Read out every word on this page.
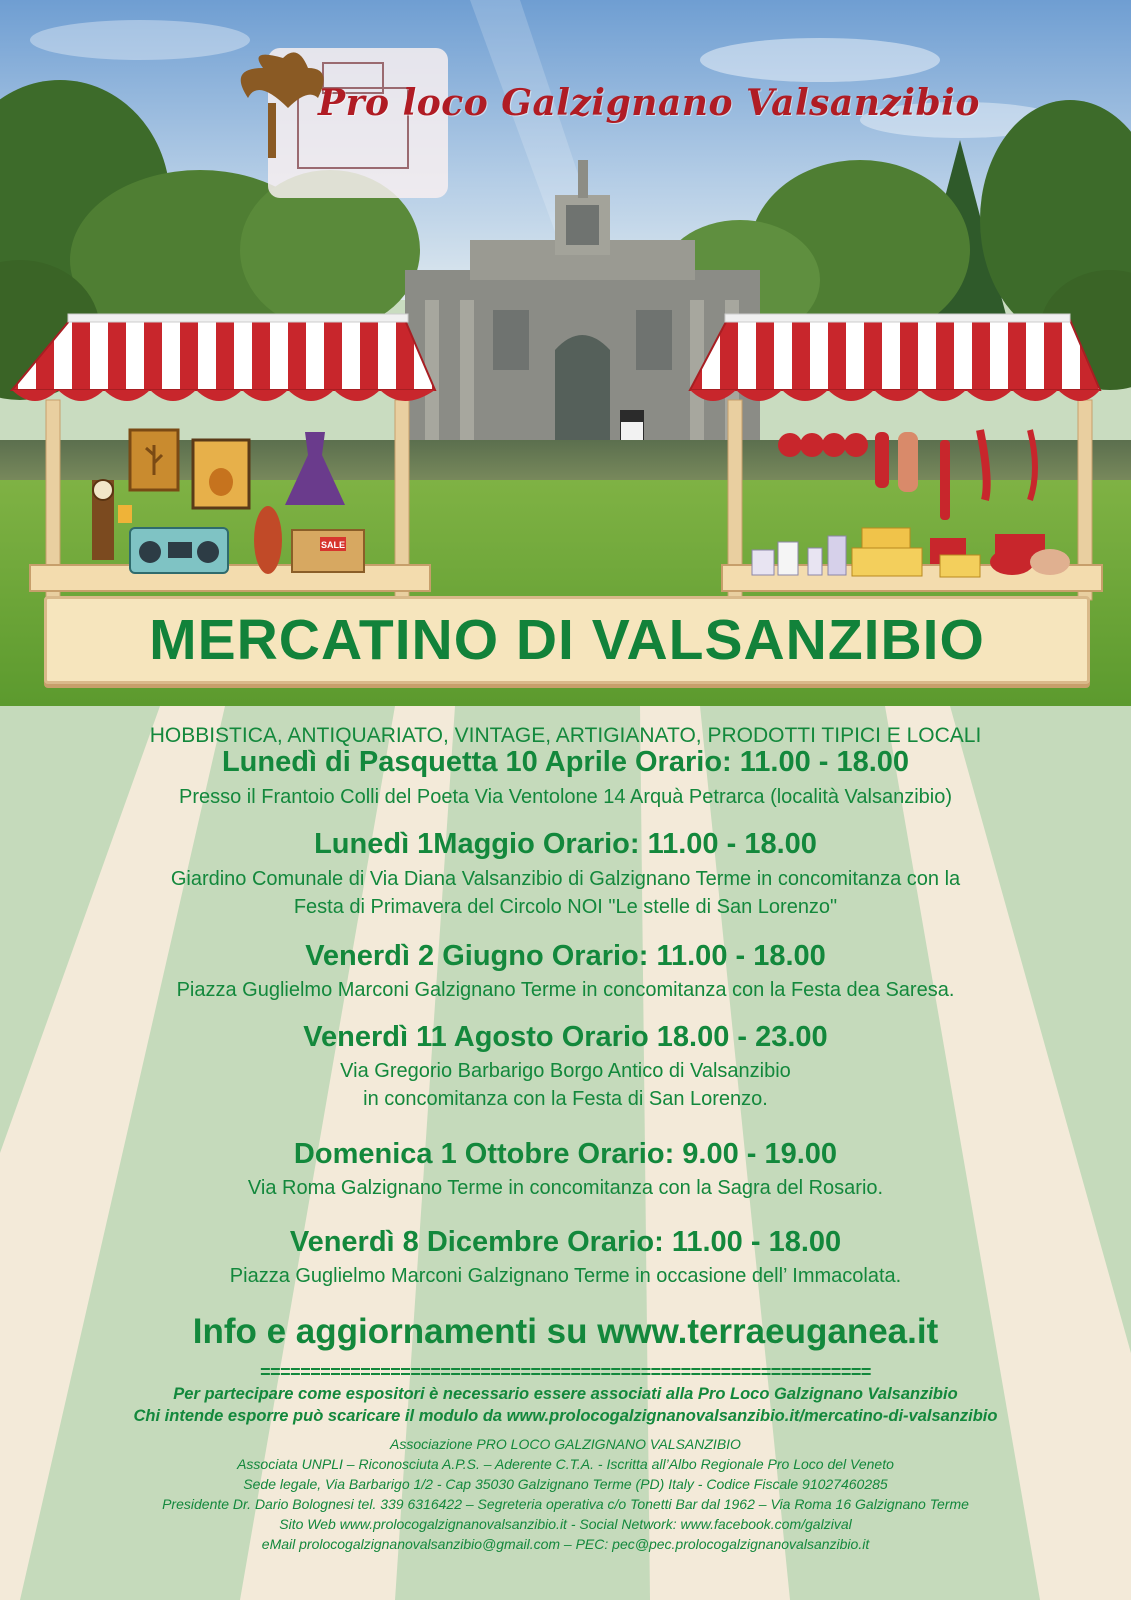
SALE

Pro loco Galzignano Valsanzibio

MERCATINO DI VALSANZIBIO

HOBBISTICA, ANTIQUARIATO, VINTAGE, ARTIGIANATO, PRODOTTI TIPICI E LOCALI

Lunedì di Pasquetta 10 Aprile Orario: 11.00 - 18.00

Presso il Frantoio Colli del Poeta Via Ventolone 14 Arquà Petrarca (località Valsanzibio)

Lunedì 1Maggio Orario: 11.00 - 18.00

Giardino Comunale di Via Diana Valsanzibio di Galzignano Terme in concomitanza con la

Festa di Primavera del Circolo NOI "Le stelle di San Lorenzo"

Venerdì 2 Giugno Orario: 11.00 - 18.00

Piazza Guglielmo Marconi Galzignano Terme in concomitanza con la Festa dea Saresa.

Venerdì 11 Agosto Orario 18.00 - 23.00

Via Gregorio Barbarigo Borgo Antico di Valsanzibio

in concomitanza con la Festa di San Lorenzo.

Domenica 1 Ottobre Orario: 9.00 - 19.00

Via Roma Galzignano Terme in concomitanza con la Sagra del Rosario.

Venerdì 8 Dicembre Orario: 11.00 - 18.00

Piazza Guglielmo Marconi Galzignano Terme in occasione dell’ Immacolata.

Info e aggiornamenti su www.terraeuganea.it

=============================================================

Per partecipare come espositori è necessario essere associati alla Pro Loco Galzignano Valsanzibio

Chi intende esporre può scaricare il modulo da www.prolocogalzignanovalsanzibio.it/mercatino-di-valsanzibio

Associazione PRO LOCO GALZIGNANO VALSANZIBIO

Associata UNPLI – Riconosciuta A.P.S. – Aderente C.T.A. - Iscritta all’Albo Regionale Pro Loco del Veneto

Sede legale, Via Barbarigo 1/2 - Cap 35030 Galzignano Terme (PD) Italy - Codice Fiscale 91027460285

Presidente Dr. Dario Bolognesi tel. 339 6316422 – Segreteria operativa c/o Tonetti Bar dal 1962 – Via Roma 16 Galzignano Terme

Sito Web www.prolocogalzignanovalsanzibio.it - Social Network: www.facebook.com/galzival

eMail prolocogalzignanovalsanzibio@gmail.com – PEC: pec@pec.prolocogalzignanovalsanzibio.it
